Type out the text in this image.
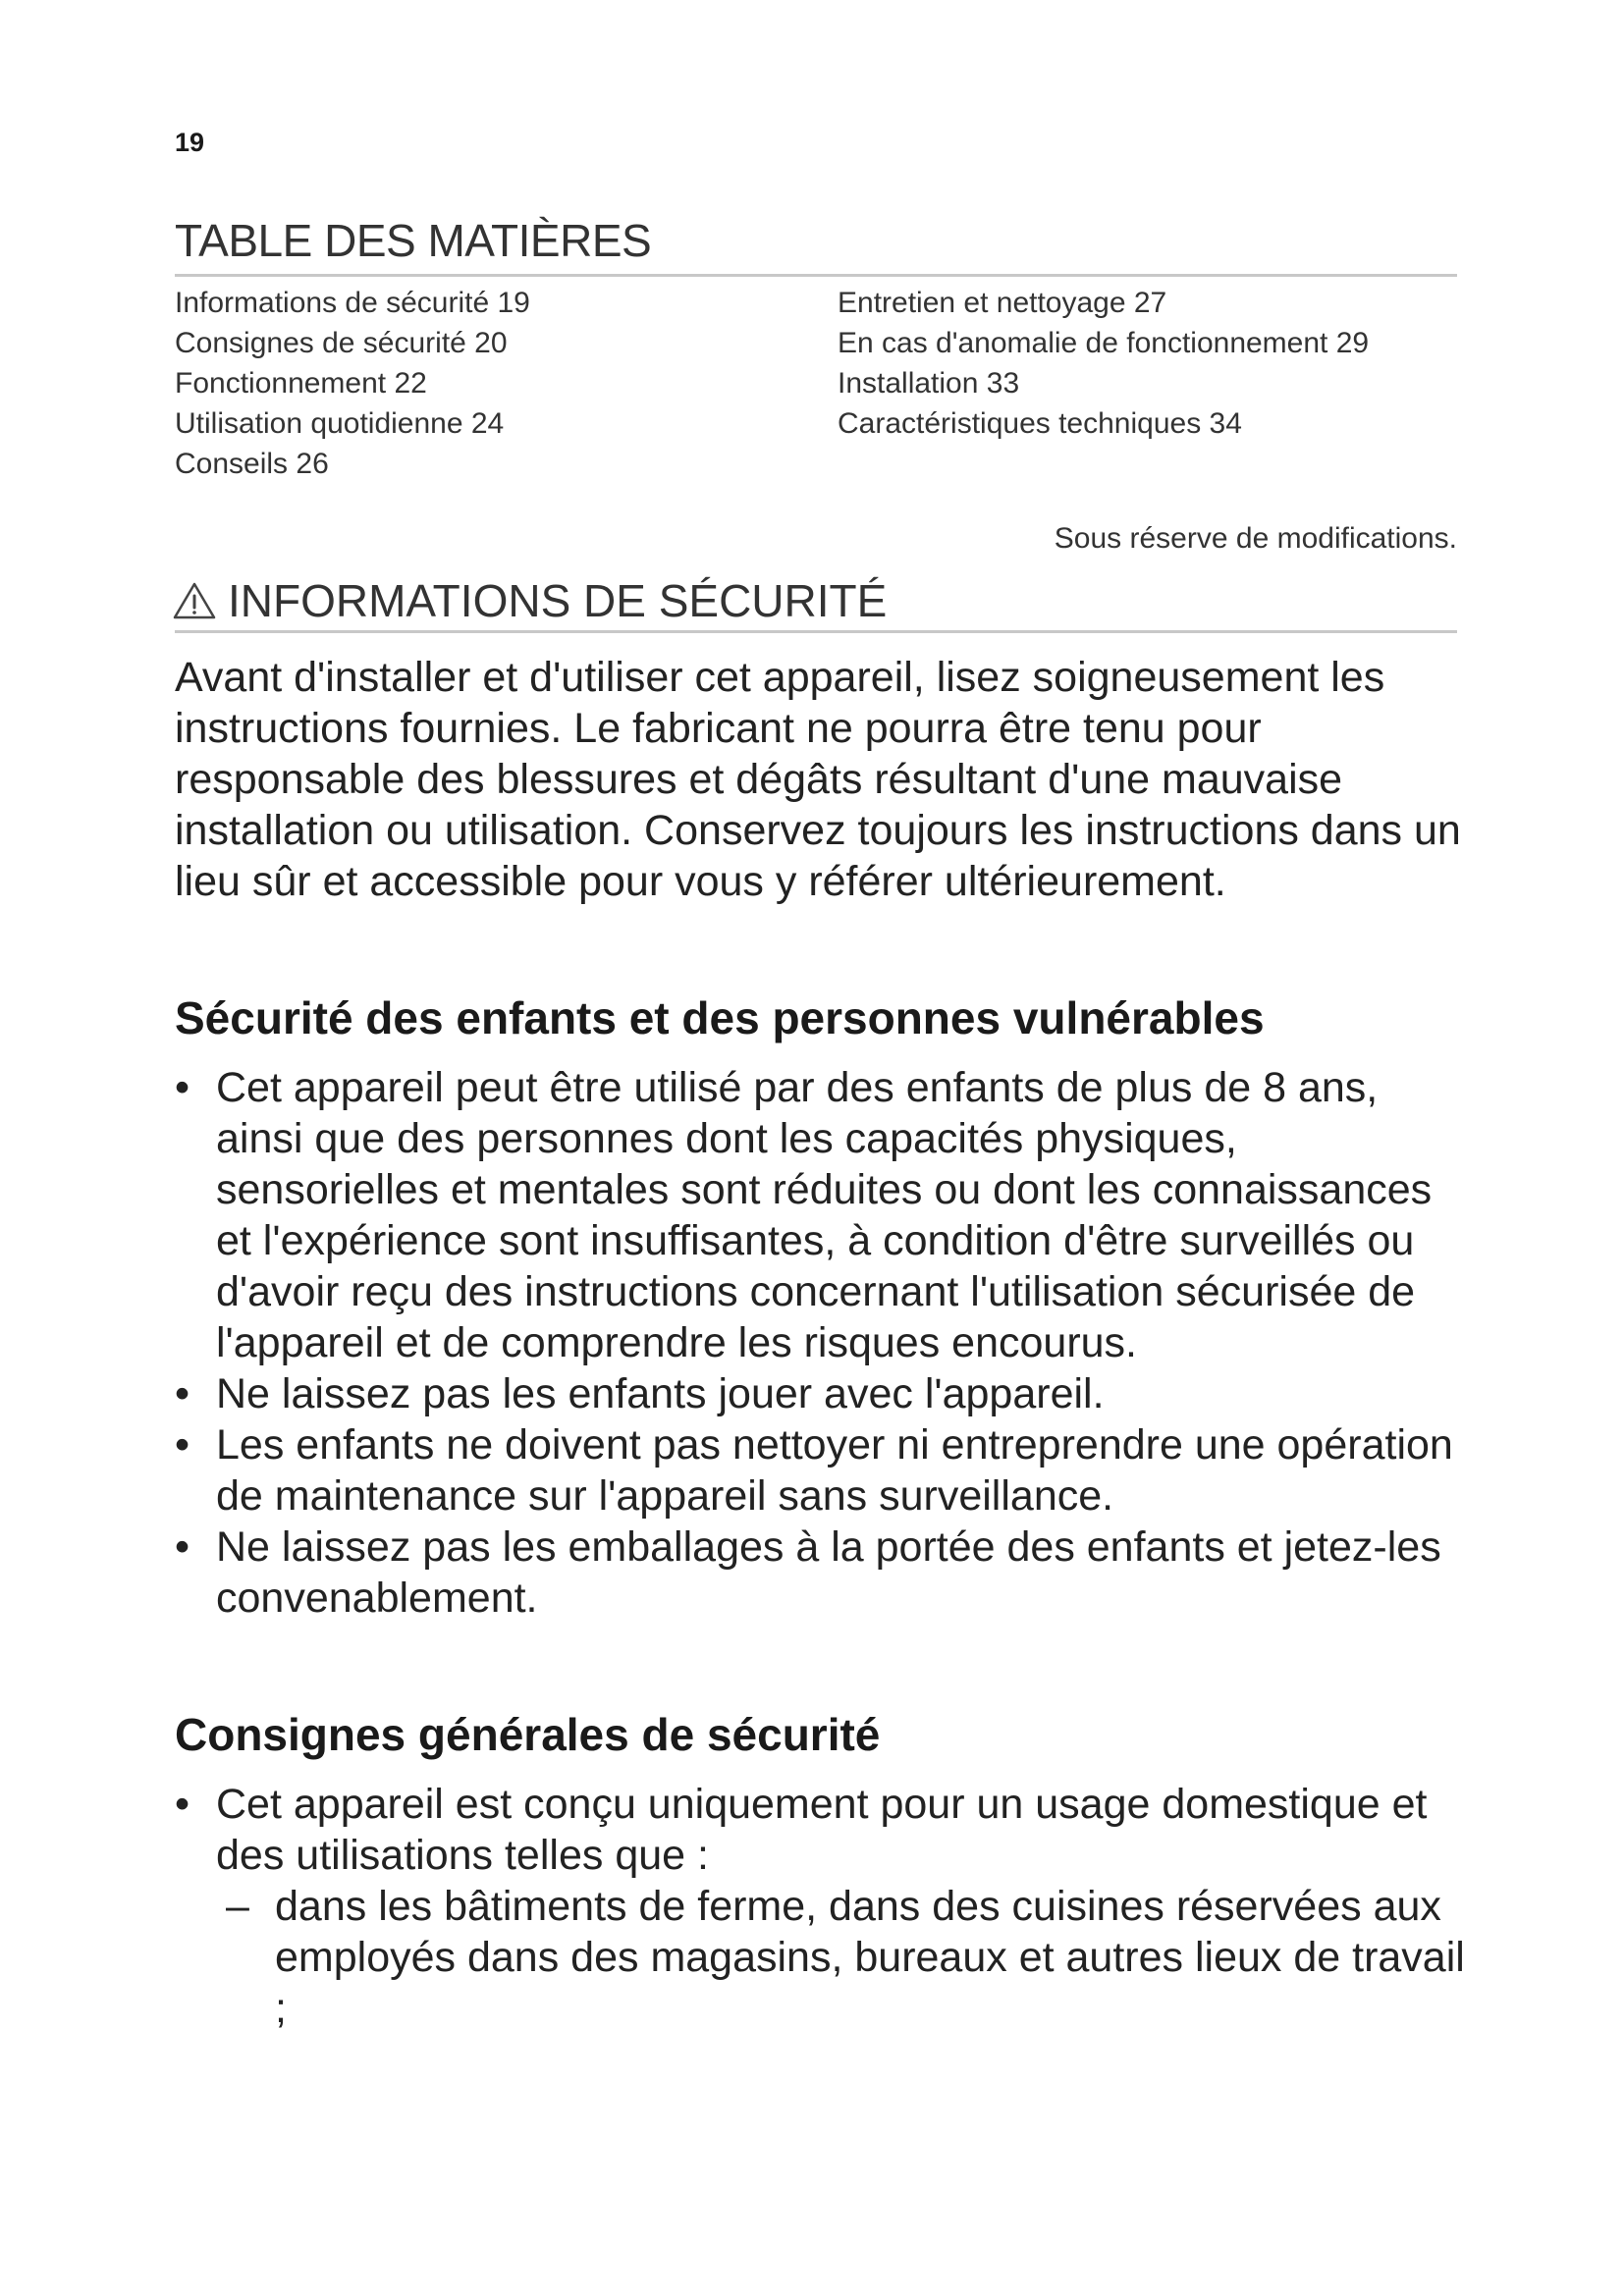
19
TABLE DES MATIÈRES
Informations de sécurité 19
Consignes de sécurité 20
Fonctionnement 22
Utilisation quotidienne 24
Conseils 26
Entretien et nettoyage 27
En cas d'anomalie de fonctionnement 29
Installation 33
Caractéristiques techniques 34
Sous réserve de modifications.
INFORMATIONS DE SÉCURITÉ

Avant d'installer et d'utiliser cet appareil, lisez soigneusement les instructions fournies. Le fabricant ne pourra être tenu pour responsable des blessures et dégâts résultant d'une mauvaise installation ou utilisation. Conservez toujours les instructions dans un lieu sûr et accessible pour vous y référer ultérieurement.

Sécurité des enfants et des personnes vulnérables
• Cet appareil peut être utilisé par des enfants de plus de 8 ans, ainsi que des personnes dont les capacités physiques, sensorielles et mentales sont réduites ou dont les connaissances et l'expérience sont insuffisantes, à condition d'être surveillés ou d'avoir reçu des instructions concernant l'utilisation sécurisée de l'appareil et de comprendre les risques encourus.
• Ne laissez pas les enfants jouer avec l'appareil.
• Les enfants ne doivent pas nettoyer ni entreprendre une opération de maintenance sur l'appareil sans surveillance.
• Ne laissez pas les emballages à la portée des enfants et jetez-les convenablement.
Consignes générales de sécurité
• Cet appareil est conçu uniquement pour un usage domestique et des utilisations telles que :
– dans les bâtiments de ferme, dans des cuisines réservées aux employés dans des magasins, bureaux et autres lieux de travail ;
